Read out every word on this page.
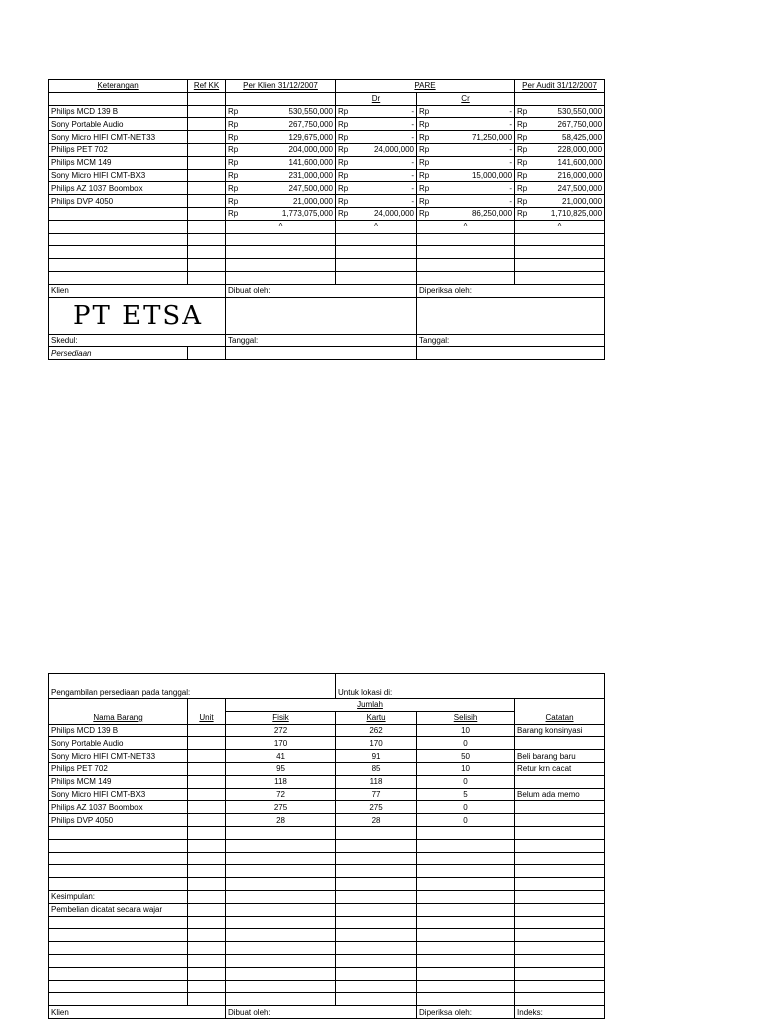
Keterangan	Ref KK	Per Klien 31/12/2007		PARE				Per Audit 31/12/2007	
				Dr		Cr			
Philips MCD 139 B		Rp	530,550,000	Rp	-	Rp	-	Rp	530,550,000
Sony Portable Audio		Rp	267,750,000	Rp	-	Rp	-	Rp	267,750,000
Sony Micro HIFI CMT-NET33		Rp	129,675,000	Rp	-	Rp	71,250,000	Rp	58,425,000
Philips PET 702		Rp	204,000,000	Rp	24,000,000	Rp	-	Rp	228,000,000
Philips MCM 149		Rp	141,600,000	Rp	-	Rp	-	Rp	141,600,000
Sony Micro HIFI CMT-BX3		Rp	231,000,000	Rp	-	Rp	15,000,000	Rp	216,000,000
Philips AZ 1037 Boombox		Rp	247,500,000	Rp	-	Rp	-	Rp	247,500,000
Philips DVP 4050		Rp	21,000,000	Rp	-	Rp	-	Rp	21,000,000
		Rp	1,773,075,000	Rp	24,000,000	Rp	86,250,000	Rp	1,710,825,000
		^		^		^		^	

Klien		Dibuat oleh:				Diperiksa oleh:			
PT ETSA									
Skedul:		Tanggal:				Tanggal:			
Persediaan									
Pengambilan persediaan pada tanggal:			Untuk lokasi di:		
		Jumlah			
Nama Barang	Unit	Fisik	Kartu	Selisih	Catatan
Philips MCD 139 B		272	262	10	Barang konsinyasi
Sony Portable Audio		170	170	0	
Sony Micro HIFI CMT-NET33		41	91	50	Beli barang baru
Philips PET 702		95	85	10	Retur krn cacat
Philips MCM 149		118	118	0	
Sony Micro HIFI CMT-BX3		72	77	5	Belum ada memo
Philips AZ 1037 Boombox		275	275	0	
Philips DVP 4050		28	28	0	

Kesimpulan:					
Pembelian dicatat secara wajar					

Klien		Dibuat oleh:		Diperiksa oleh:	Indeks:
